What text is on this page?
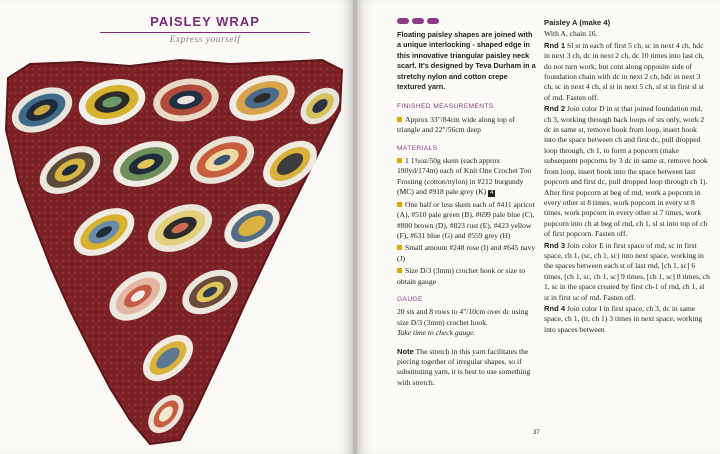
PAISLEY WRAP
Express yourself

Floating paisley shapes are joined with a unique interlocking - shaped edge in this innovative triangular paisley neck scarf. It's designed by Teva Durham in a stretchy nylon and cotton crepe textured yarn.

FINISHED MEASUREMENTS
Approx 33"/84cm wide along top of triangle and 22"/56cm deep
MATERIALS
1 1¾oz/50g skein (each approx 190yd/174m) each of Knit One Crochet Too Frosting (cotton/nylon) in #212 burgundy (MC) and #918 pale grey (K) 4
One half or less skein each of #411 apricot (A), #510 pale green (B), #699 pale blue (C), #800 brown (D), #823 rust (E), #423 yellow (F), #631 blue (G) and #559 grey (H)
Small amount #248 rose (I) and #645 navy (J)
Size D/3 (3mm) crochet hook or size to obtain gauge
GAUGE
20 sts and 8 rows to 4"/10cm over dc using size D/3 (3mm) crochet hook.
Take time to check gauge.
Note The stretch in this yarn facilitates the piecing together of irregular shapes, so if substituting yarn, it is best to use something with stretch.

Paisley A (make 4)

With A, chain 16.

Rnd 1 Sl st in each of first 5 ch, sc in next 4 ch, hdc in next 3 ch, dc in next 2 ch, dc 10 times into last ch, do not turn work, but cont along opposite side of foundation chain with dc in next 2 ch, hdc in next 3 ch, sc in next 4 ch, sl st in next 5 ch, sl st in first sl st of rnd. Fasten off.

Rnd 2 Join color D in st that joined foundation rnd, ch 3, working through back loops of sts only, work 2 dc in same st, remove hook from loop, insert hook into the space between ch and first dc, pull dropped loop through, ch 1, to form a popcorn (make subsequent popcorns by 3 dc in same st, remove hook from loop, insert hook into the space between last popcorn and first dc, pull dropped loop through ch 1). After first popcorn at beg of rnd, work a popcorn in every other st 8 times, work popcorn in every st 8 times, work popcorn in every other st 7 times, work popcorn into ch at beg of rnd, ch 1, sl st into top of ch of first popcorn. Fasten off.

Rnd 3 Join color E in first space of rnd, sc in first space, ch 1, (sc, ch 1, sc) into next space, working in the spaces between each st of last rnd, [ch 1, sc] 6 times, [ch 1, sc, ch 1, sc] 9 times, [ch 1, sc] 8 times, ch 1, sc in the space created by first ch-1 of rnd, ch 1, sl st in first sc of rnd. Fasten off.

Rnd 4 Join color I in first space, ch 3, dc in same space, ch 1, (tr, ch 1) 3 times in next space, working into spaces between

37
